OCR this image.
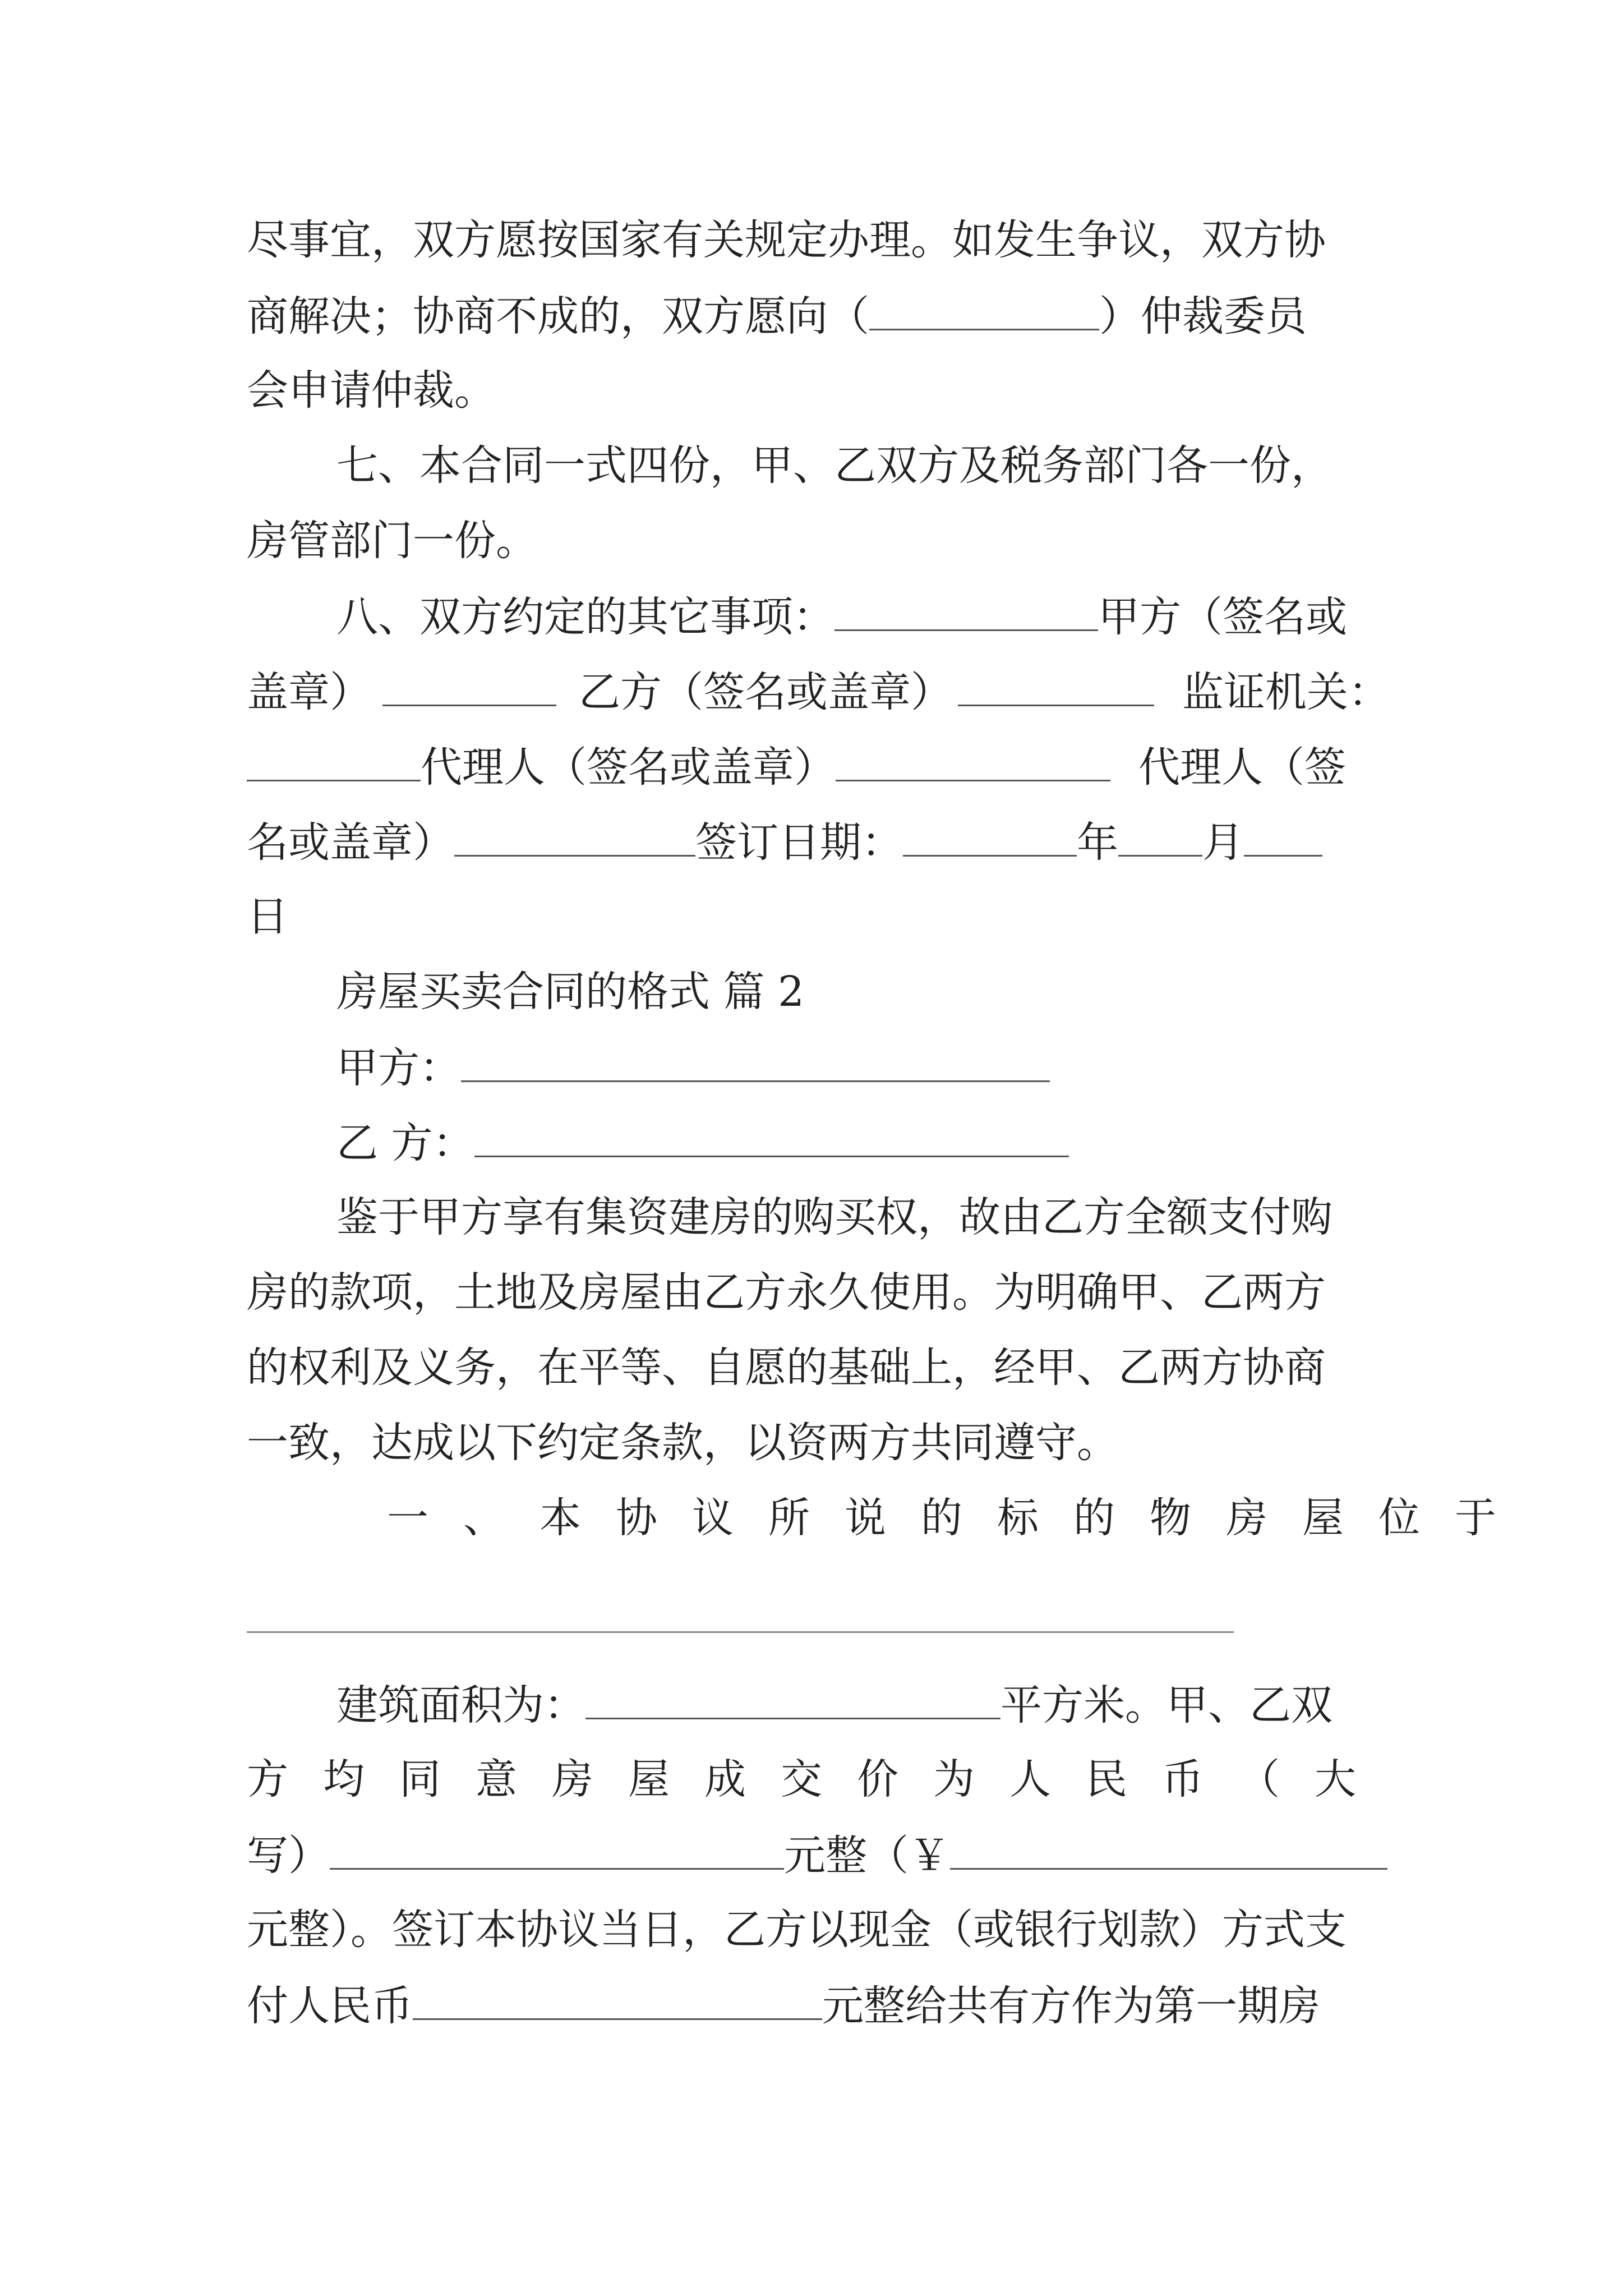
尽事宜，双方愿按国家有关规定办理。如发生争议，双方协
商解决；协商不成的，双方愿向（	）仲裁委员
会申请仲裁。
七、本合同一式四份，甲、乙双方及税务部门各一份，
房管部门一份。
八、双方约定的其它事项：	甲方（签名或
盖章）	乙方（签名或盖章）	监证机关：
代理人（签名或盖章）	代理人（签
名或盖章）	签订日期：	年 月
日
房屋买卖合同的格式 篇 2
甲方：
乙 方：
鉴于甲方享有集资建房的购买权，故由乙方全额支付购
房的款项，土地及房屋由乙方永久使用。为明确甲、乙两方
的权利及义务，在平等、自愿的基础上，经甲、乙两方协商
一致，达成以下约定条款，以资两方共同遵守。
一、本协议所说的标的物房屋位于
建筑面积为：	平方米。甲、乙双
方均同意房屋成交价为人民币（大
写）	元整（￥
元整）。签订本协议当日，乙方以现金（或银行划款）方式支
付人民币	元整给共有方作为第一期房
